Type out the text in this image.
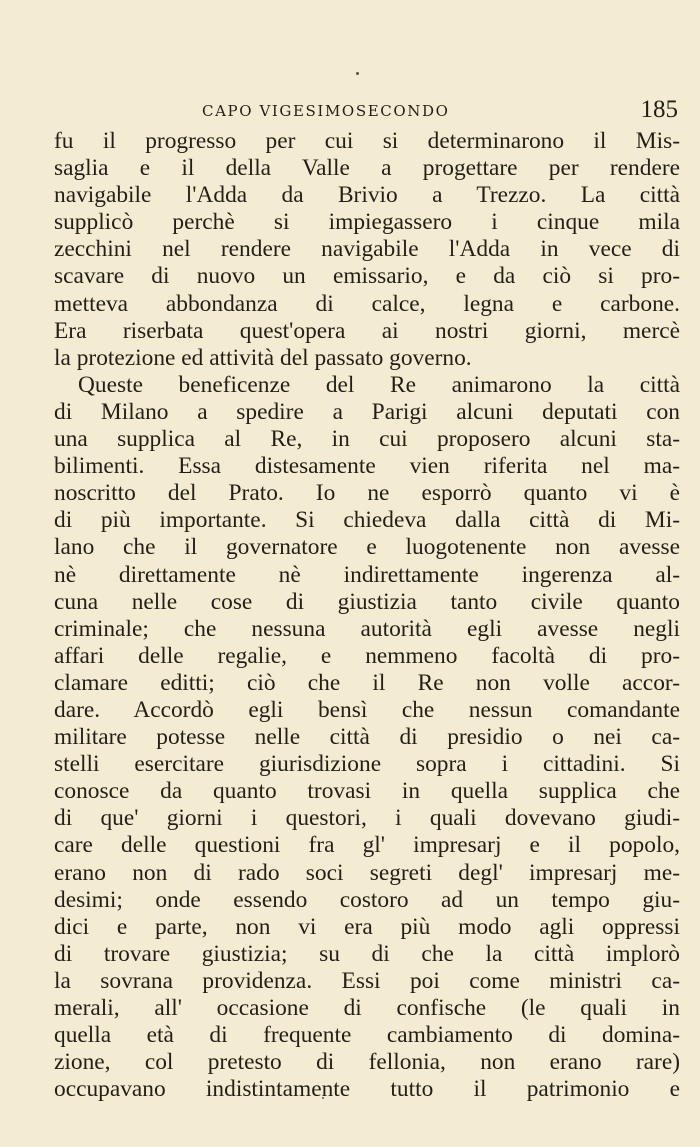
CAPO VIGESIMOSECONDO	185
fu il progresso per cui si determinarono il Mis-
saglia e il della Valle a progettare per rendere
navigabile l'Adda da Brivio a Trezzo. La città
supplicò perchè si impiegassero i cinque mila
zecchini nel rendere navigabile l'Adda in vece di
scavare di nuovo un emissario, e da ciò si pro-
metteva abbondanza di calce, legna e carbone.
Era riserbata quest'opera ai nostri giorni, mercè
la protezione ed attività del passato governo.
Queste beneficenze del Re animarono la città
di Milano a spedire a Parigi alcuni deputati con
una supplica al Re, in cui proposero alcuni sta-
bilimenti. Essa distesamente vien riferita nel ma-
noscritto del Prato. Io ne esporrò quanto vi è
di più importante. Si chiedeva dalla città di Mi-
lano che il governatore e luogotenente non avesse
nè direttamente nè indirettamente ingerenza al-
cuna nelle cose di giustizia tanto civile quanto
criminale; che nessuna autorità egli avesse negli
affari delle regalie, e nemmeno facoltà di pro-
clamare editti; ciò che il Re non volle accor-
dare. Accordò egli bensì che nessun comandante
militare potesse nelle città di presidio o nei ca-
stelli esercitare giurisdizione sopra i cittadini. Si
conosce da quanto trovasi in quella supplica che
di que' giorni i questori, i quali dovevano giudi-
care delle questioni fra gl' impresarj e il popolo,
erano non di rado soci segreti degl' impresarj me-
desimi; onde essendo costoro ad un tempo giu-
dici e parte, non vi era più modo agli oppressi
di trovare giustizia; su di che la città implorò
la sovrana providenza. Essi poi come ministri ca-
merali, all' occasione di confische (le quali in
quella età di frequente cambiamento di domina-
zione, col pretesto di fellonia, non erano rare)
occupavano indistintamente tutto il patrimonio e
